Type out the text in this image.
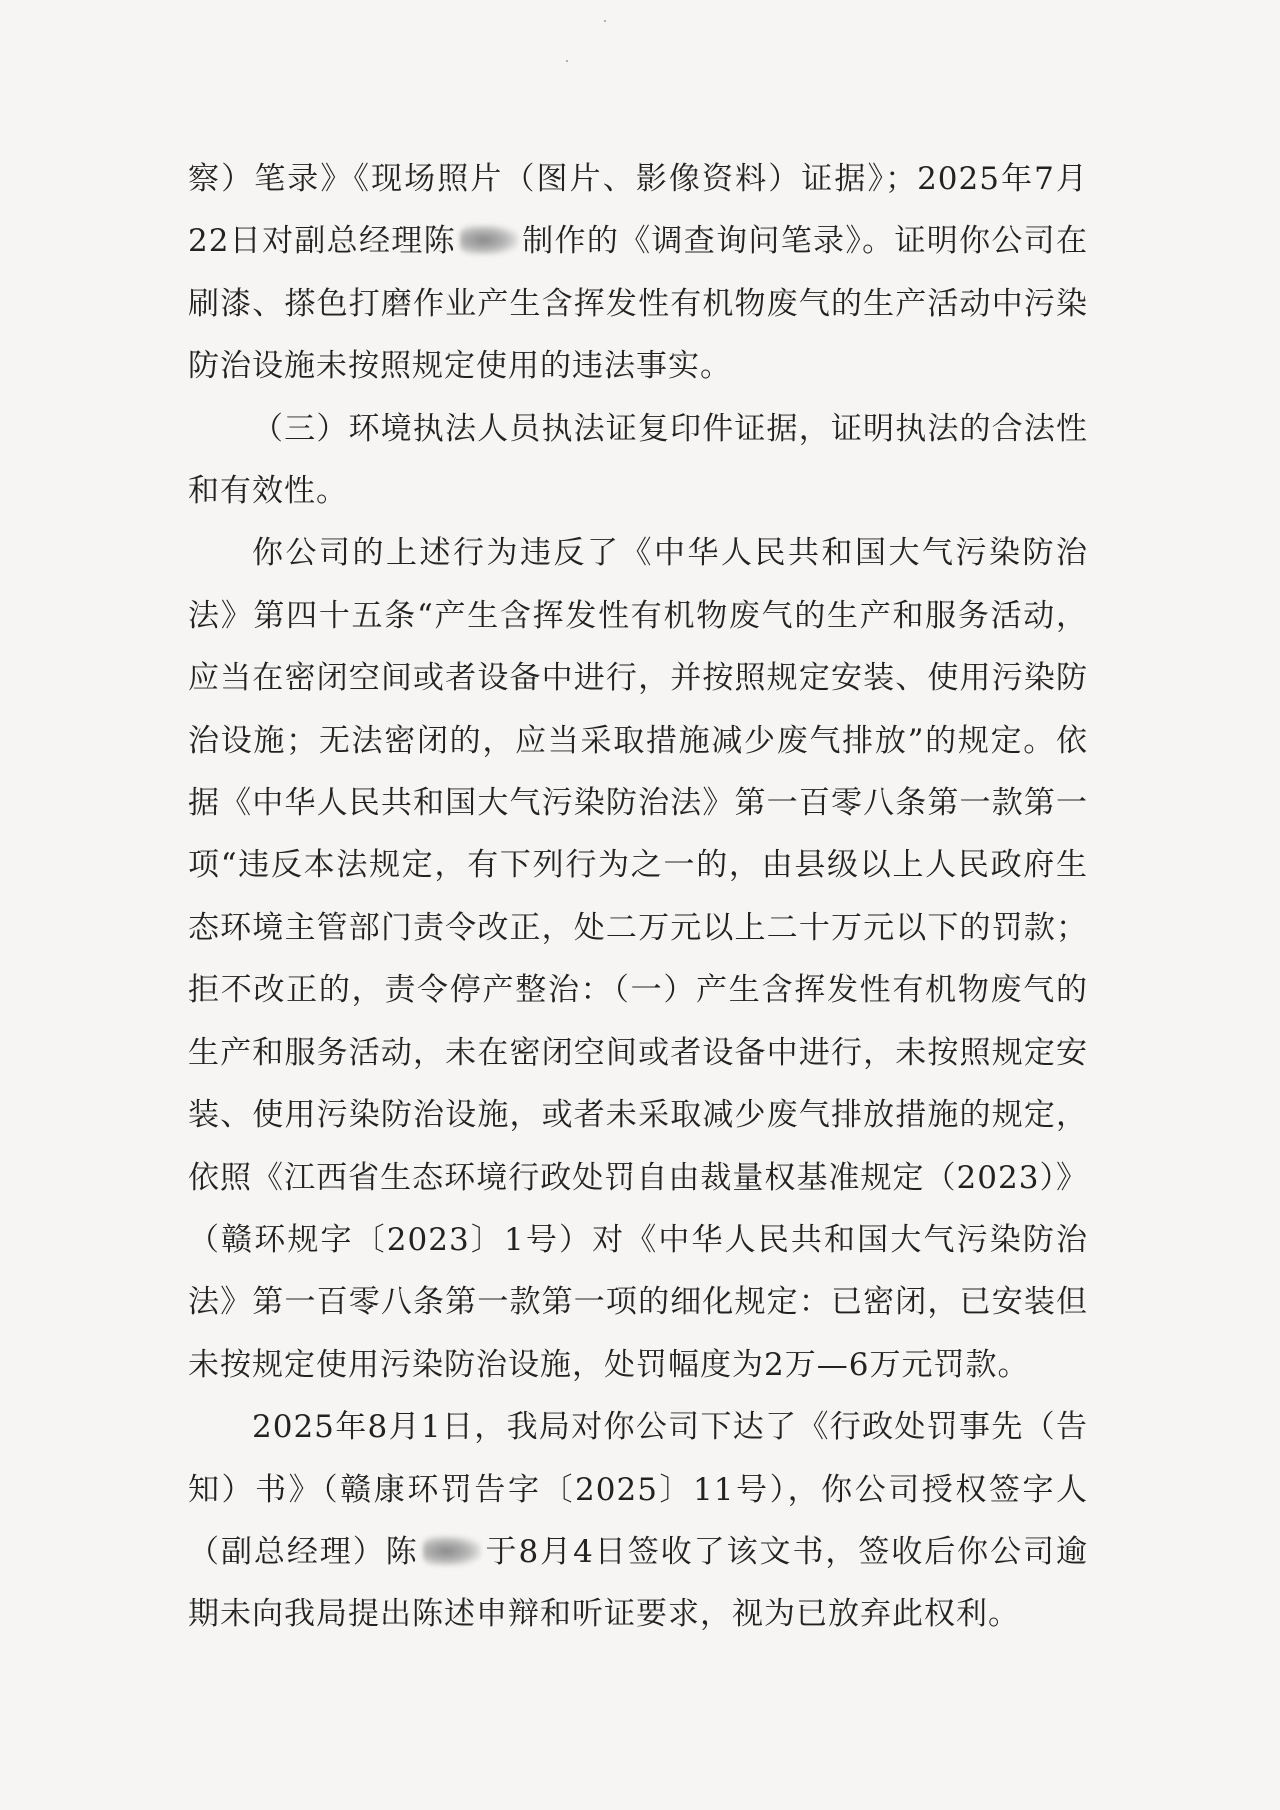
察）笔录》《现场照片（图片、影像资料）证据》；2025年7月22日对副总经理陈 制作的《调查询问笔录》。证明你公司在刷漆、搽色打磨作业产生含挥发性有机物废气的生产活动中污染防治设施未按照规定使用的违法事实。

（三）环境执法人员执法证复印件证据，证明执法的合法性和有效性。

你公司的上述行为违反了《中华人民共和国大气污染防治法》第四十五条“产生含挥发性有机物废气的生产和服务活动，应当在密闭空间或者设备中进行，并按照规定安装、使用污染防治设施；无法密闭的，应当采取措施减少废气排放”的规定。依据《中华人民共和国大气污染防治法》第一百零八条第一款第一项“违反本法规定，有下列行为之一的，由县级以上人民政府生态环境主管部门责令改正，处二万元以上二十万元以下的罚款；拒不改正的，责令停产整治：（一）产生含挥发性有机物废气的生产和服务活动，未在密闭空间或者设备中进行，未按照规定安装、使用污染防治设施，或者未采取减少废气排放措施的规定，依照《江西省生态环境行政处罚自由裁量权基准规定（2023）》（赣环规字〔2023〕1号）对《中华人民共和国大气污染防治法》第一百零八条第一款第一项的细化规定：已密闭，已安装但未按规定使用污染防治设施，处罚幅度为2万—6万元罚款。

2025年8月1日，我局对你公司下达了《行政处罚事先（告知）书》（赣康环罚告字〔2025〕11号），你公司授权签字人（副总经理）陈 于8月4日签收了该文书，签收后你公司逾期未向我局提出陈述申辩和听证要求，视为已放弃此权利。
